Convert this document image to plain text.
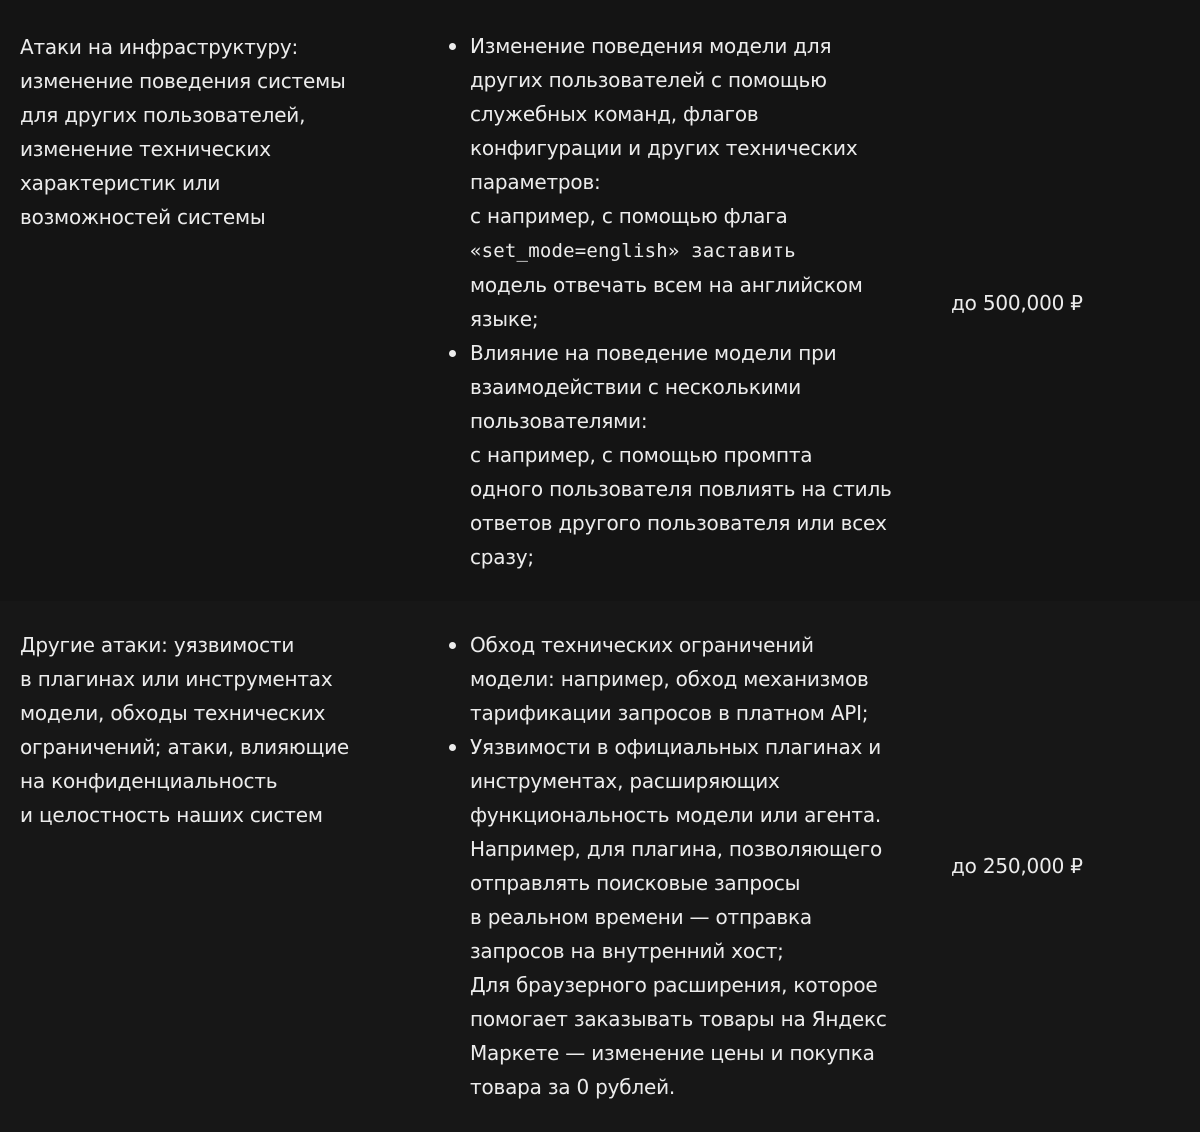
Атаки на инфраструктуру:
изменение поведения системы
для других пользователей,
изменение технических
характеристик или
возможностей системы
Изменение поведения модели для
других пользователей с помощью
служебных команд, флагов
конфигурации и других технических
параметров:
с например, с помощью флага
«set_mode=english» заставить
модель отвечать всем на английском
языке;
Влияние на поведение модели при
взаимодействии с несколькими
пользователями:
с например, с помощью промпта
одного пользователя повлиять на стиль
ответов другого пользователя или всех
сразу;
до 500,000 ₽
Другие атаки: уязвимости
в плагинах или инструментах
модели, обходы технических
ограничений; атаки, влияющие
на конфиденциальность
и целостность наших систем
Обход технических ограничений
модели: например, обход механизмов
тарификации запросов в платном API;
Уязвимости в официальных плагинах и
инструментах, расширяющих
функциональность модели или агента.
Например, для плагина, позволяющего
отправлять поисковые запросы
в реальном времени — отправка
запросов на внутренний хост;
Для браузерного расширения, которое
помогает заказывать товары на Яндекс
Маркете — изменение цены и покупка
товара за 0 рублей.
до 250,000 ₽
